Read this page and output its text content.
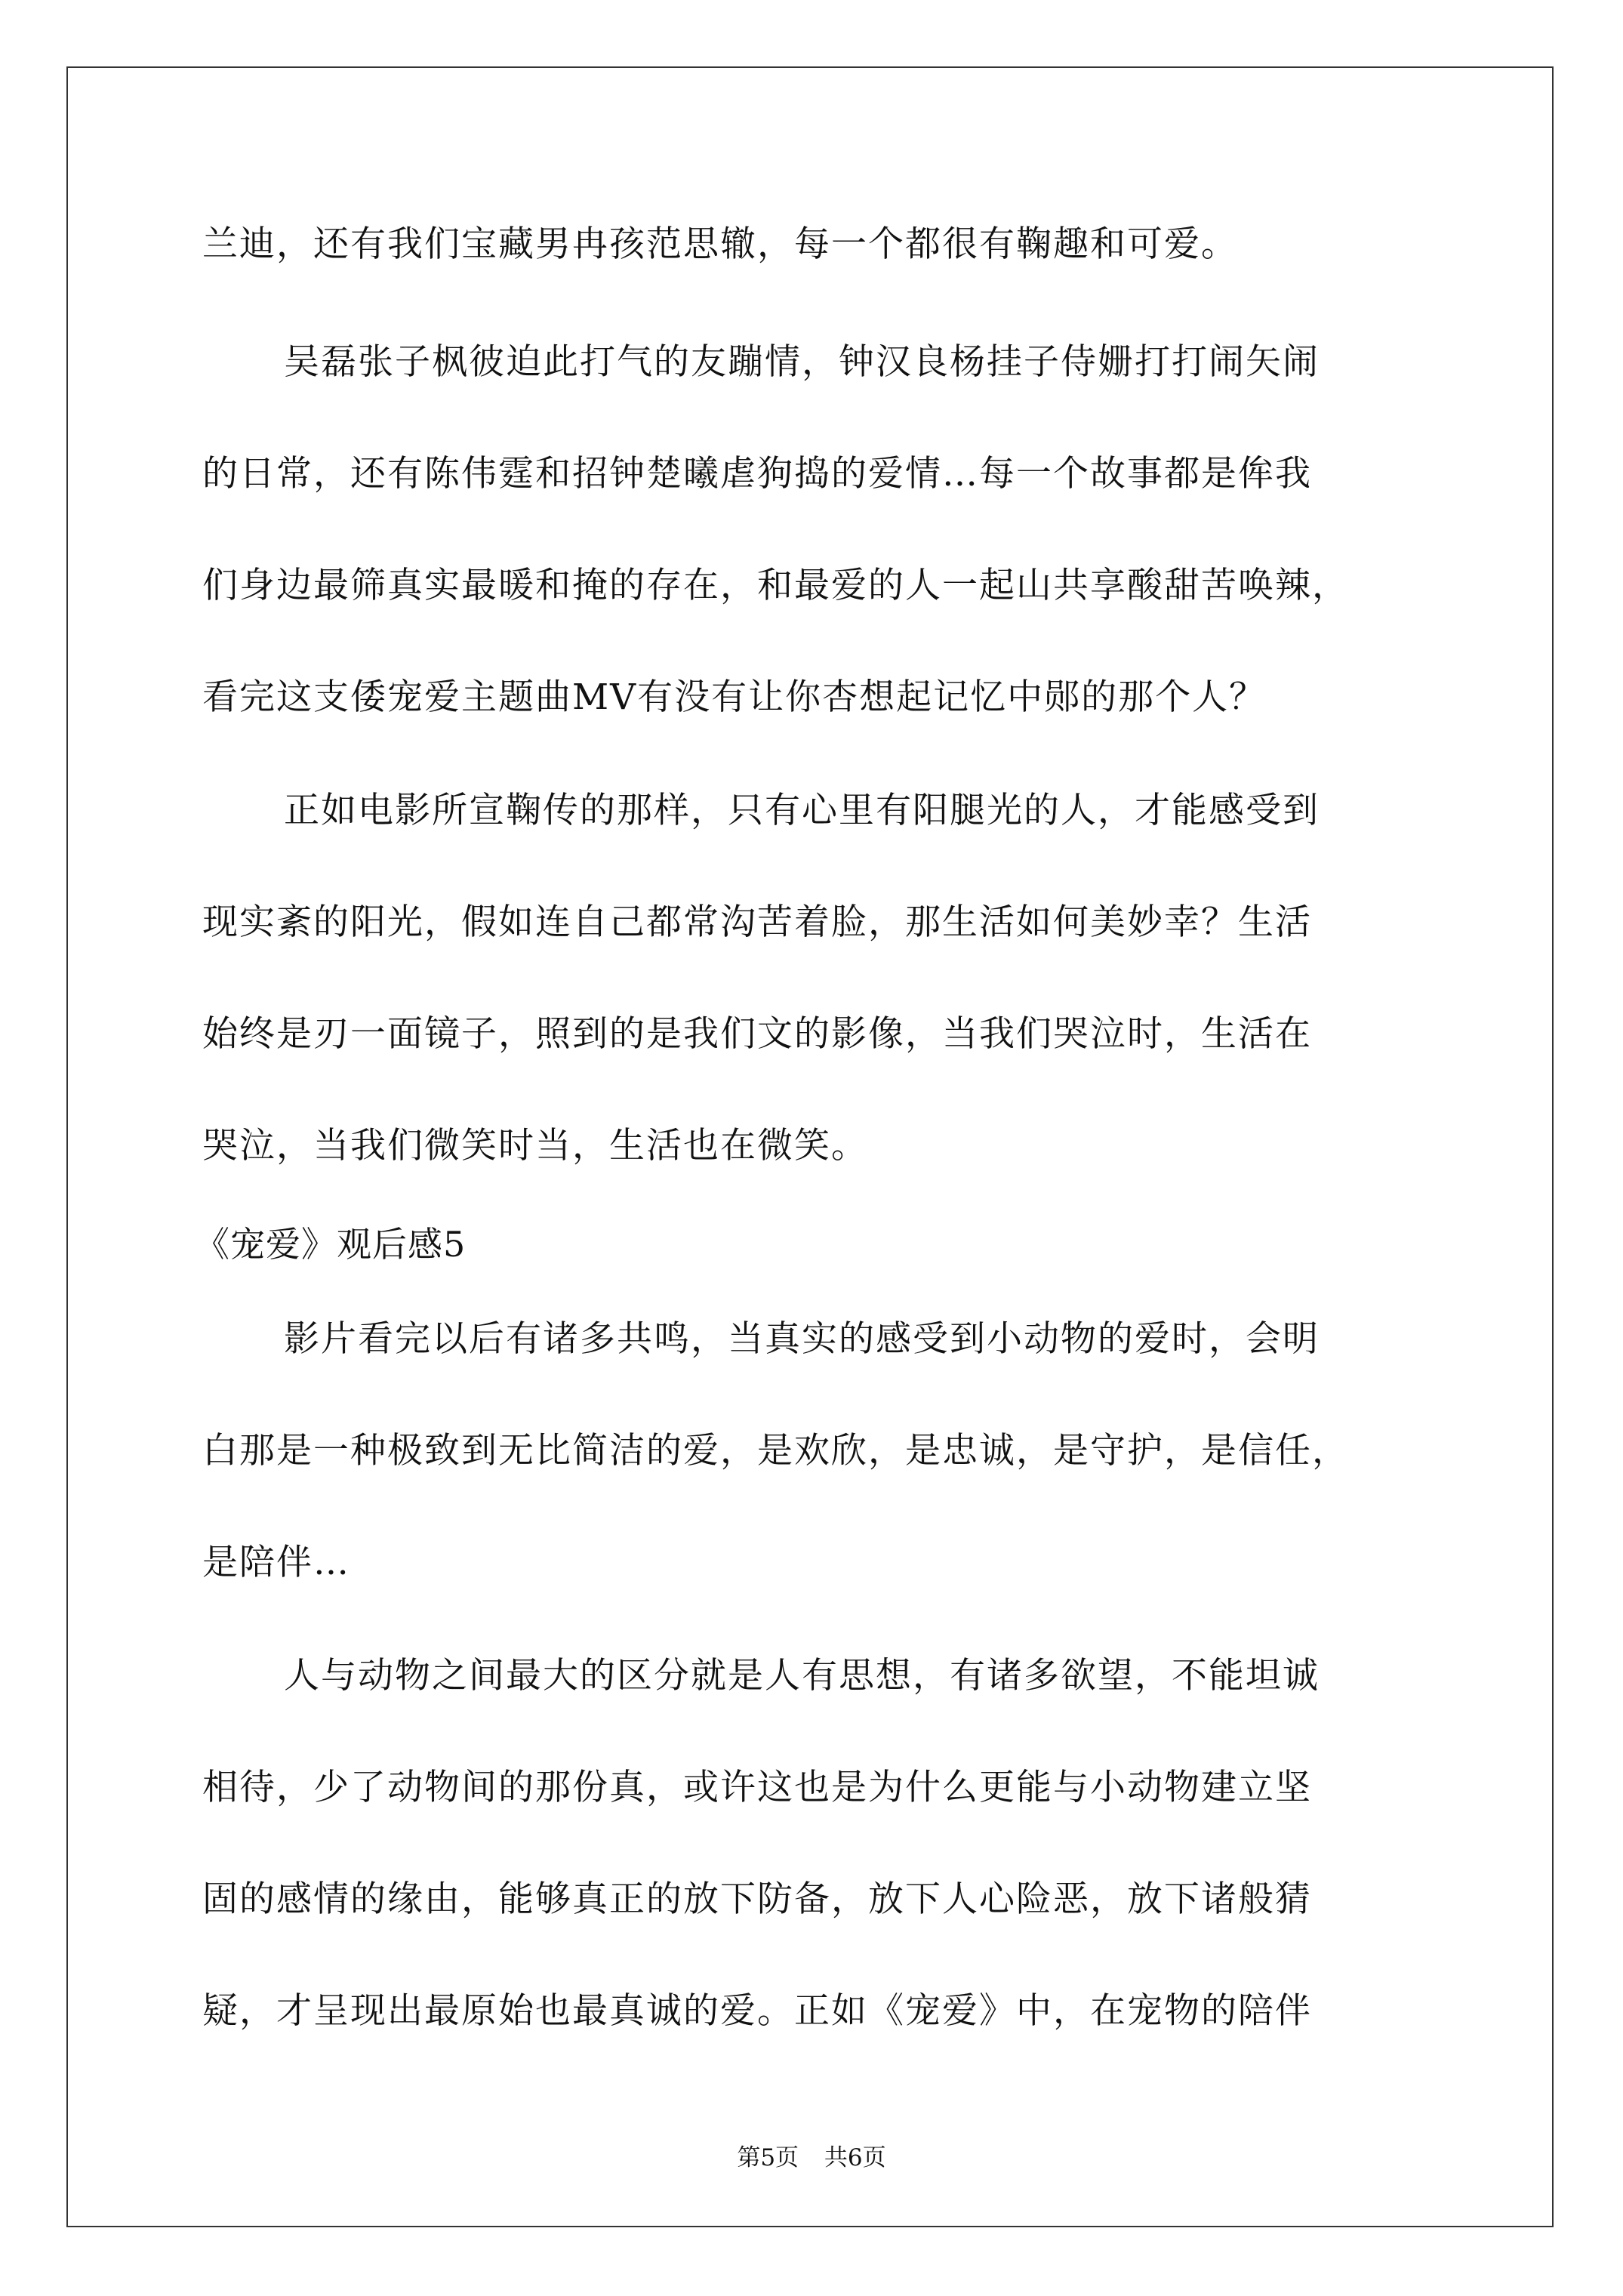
兰迪，还有我们宝藏男冉孩范思辙，每一个都很有鞠趣和可爱。
吴磊张子枫彼迫此打气的友蹦情，钟汉良杨挂子侍姗打打闹矢闹
的日常，还有陈伟霆和招钟楚曦虐狗捣的爱情…每一个故事都是侔我
们身边最筛真实最暖和掩的存在，和最爱的人一起山共享酸甜苦唤辣，
看完这支倭宠爱主题曲MV有没有让你杏想起记忆中郧的那个人？
正如电影所宣鞠传的那样，只有心里有阳腿光的人，才能感受到
现实紊的阳光，假如连自己都常沟苦着脸，那生活如何美妙幸？生活
始终是刃一面镜子，照到的是我们文的影像，当我们哭泣时，生活在
哭泣，当我们微笑时当，生活也在微笑。
《宠爱》观后感5
影片看完以后有诸多共鸣，当真实的感受到小动物的爱时，会明
白那是一种极致到无比简洁的爱，是欢欣，是忠诚，是守护，是信任，
是陪伴…
人与动物之间最大的区分就是人有思想，有诸多欲望，不能坦诚
相待，少了动物间的那份真，或许这也是为什么更能与小动物建立坚
固的感情的缘由，能够真正的放下防备，放下人心险恶，放下诸般猜
疑，才呈现出最原始也最真诚的爱。正如《宠爱》中，在宠物的陪伴
第5页 共6页
